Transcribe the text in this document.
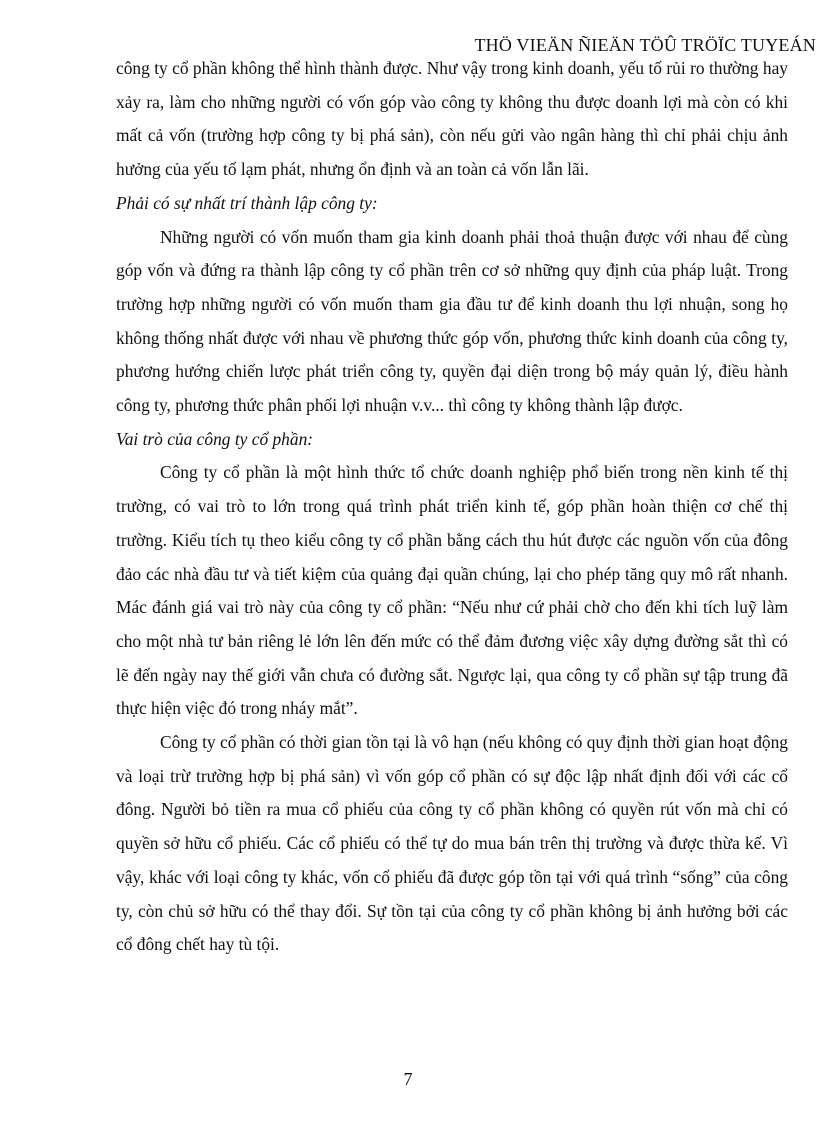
THÖ VIEÄN ÑIEÄN TÖÛ TRÖÏC TUYEÁN

công ty cổ phần không thể hình thành được. Như vậy trong kinh doanh, yếu tố rủi ro thường hay xảy ra, làm cho những người có vốn góp vào công ty không thu được doanh lợi mà còn có khi mất cả vốn (trường hợp công ty bị phá sản), còn nếu gửi vào ngân hàng thì chỉ phải chịu ảnh hưởng của yếu tố lạm phát, nhưng ổn định và an toàn cả vốn lẫn lãi.

Phải có sự nhất trí thành lập công ty:

Những người có vốn muốn tham gia kinh doanh phải thoả thuận được với nhau để cùng góp vốn và đứng ra thành lập công ty cổ phần trên cơ sở những quy định của pháp luật. Trong trường hợp những người có vốn muốn tham gia đầu tư để kinh doanh thu lợi nhuận, song họ không thống nhất được với nhau về phương thức góp vốn, phương thức kinh doanh của công ty, phương hướng chiến lược phát triển công ty, quyền đại diện trong bộ máy quản lý, điều hành công ty, phương thức phân phối lợi nhuận v.v... thì công ty không thành lập được.

Vai trò của công ty cổ phần:

Công ty cổ phần là một hình thức tổ chức doanh nghiệp phổ biến trong nền kinh tế thị trường, có vai trò to lớn trong quá trình phát triển kinh tế, góp phần hoàn thiện cơ chế thị trường. Kiểu tích tụ theo kiểu công ty cổ phần bằng cách thu hút được các nguồn vốn của đông đảo các nhà đầu tư và tiết kiệm của quảng đại quần chúng, lại cho phép tăng quy mô rất nhanh. Mác đánh giá vai trò này của công ty cổ phần: “Nếu như cứ phải chờ cho đến khi tích luỹ làm cho một nhà tư bản riêng lẻ lớn lên đến mức có thể đảm đương việc xây dựng đường sắt thì có lẽ đến ngày nay thế giới vẫn chưa có đường sắt. Ngược lại, qua công ty cổ phần sự tập trung đã thực hiện việc đó trong nháy mắt”.

Công ty cổ phần có thời gian tồn tại là vô hạn (nếu không có quy định thời gian hoạt động và loại trừ trường hợp bị phá sản) vì vốn góp cổ phần có sự độc lập nhất định đối với các cổ đông. Người bỏ tiền ra mua cổ phiếu của công ty cổ phần không có quyền rút vốn mà chỉ có quyền sở hữu cổ phiếu. Các cổ phiếu có thể tự do mua bán trên thị trường và được thừa kế. Vì vậy, khác với loại công ty khác, vốn cổ phiếu đã được góp tồn tại với quá trình “sống” của công ty, còn chủ sở hữu có thể thay đổi. Sự tồn tại của công ty cổ phần không bị ảnh hưởng bởi các cổ đông chết hay tù tội.

7
